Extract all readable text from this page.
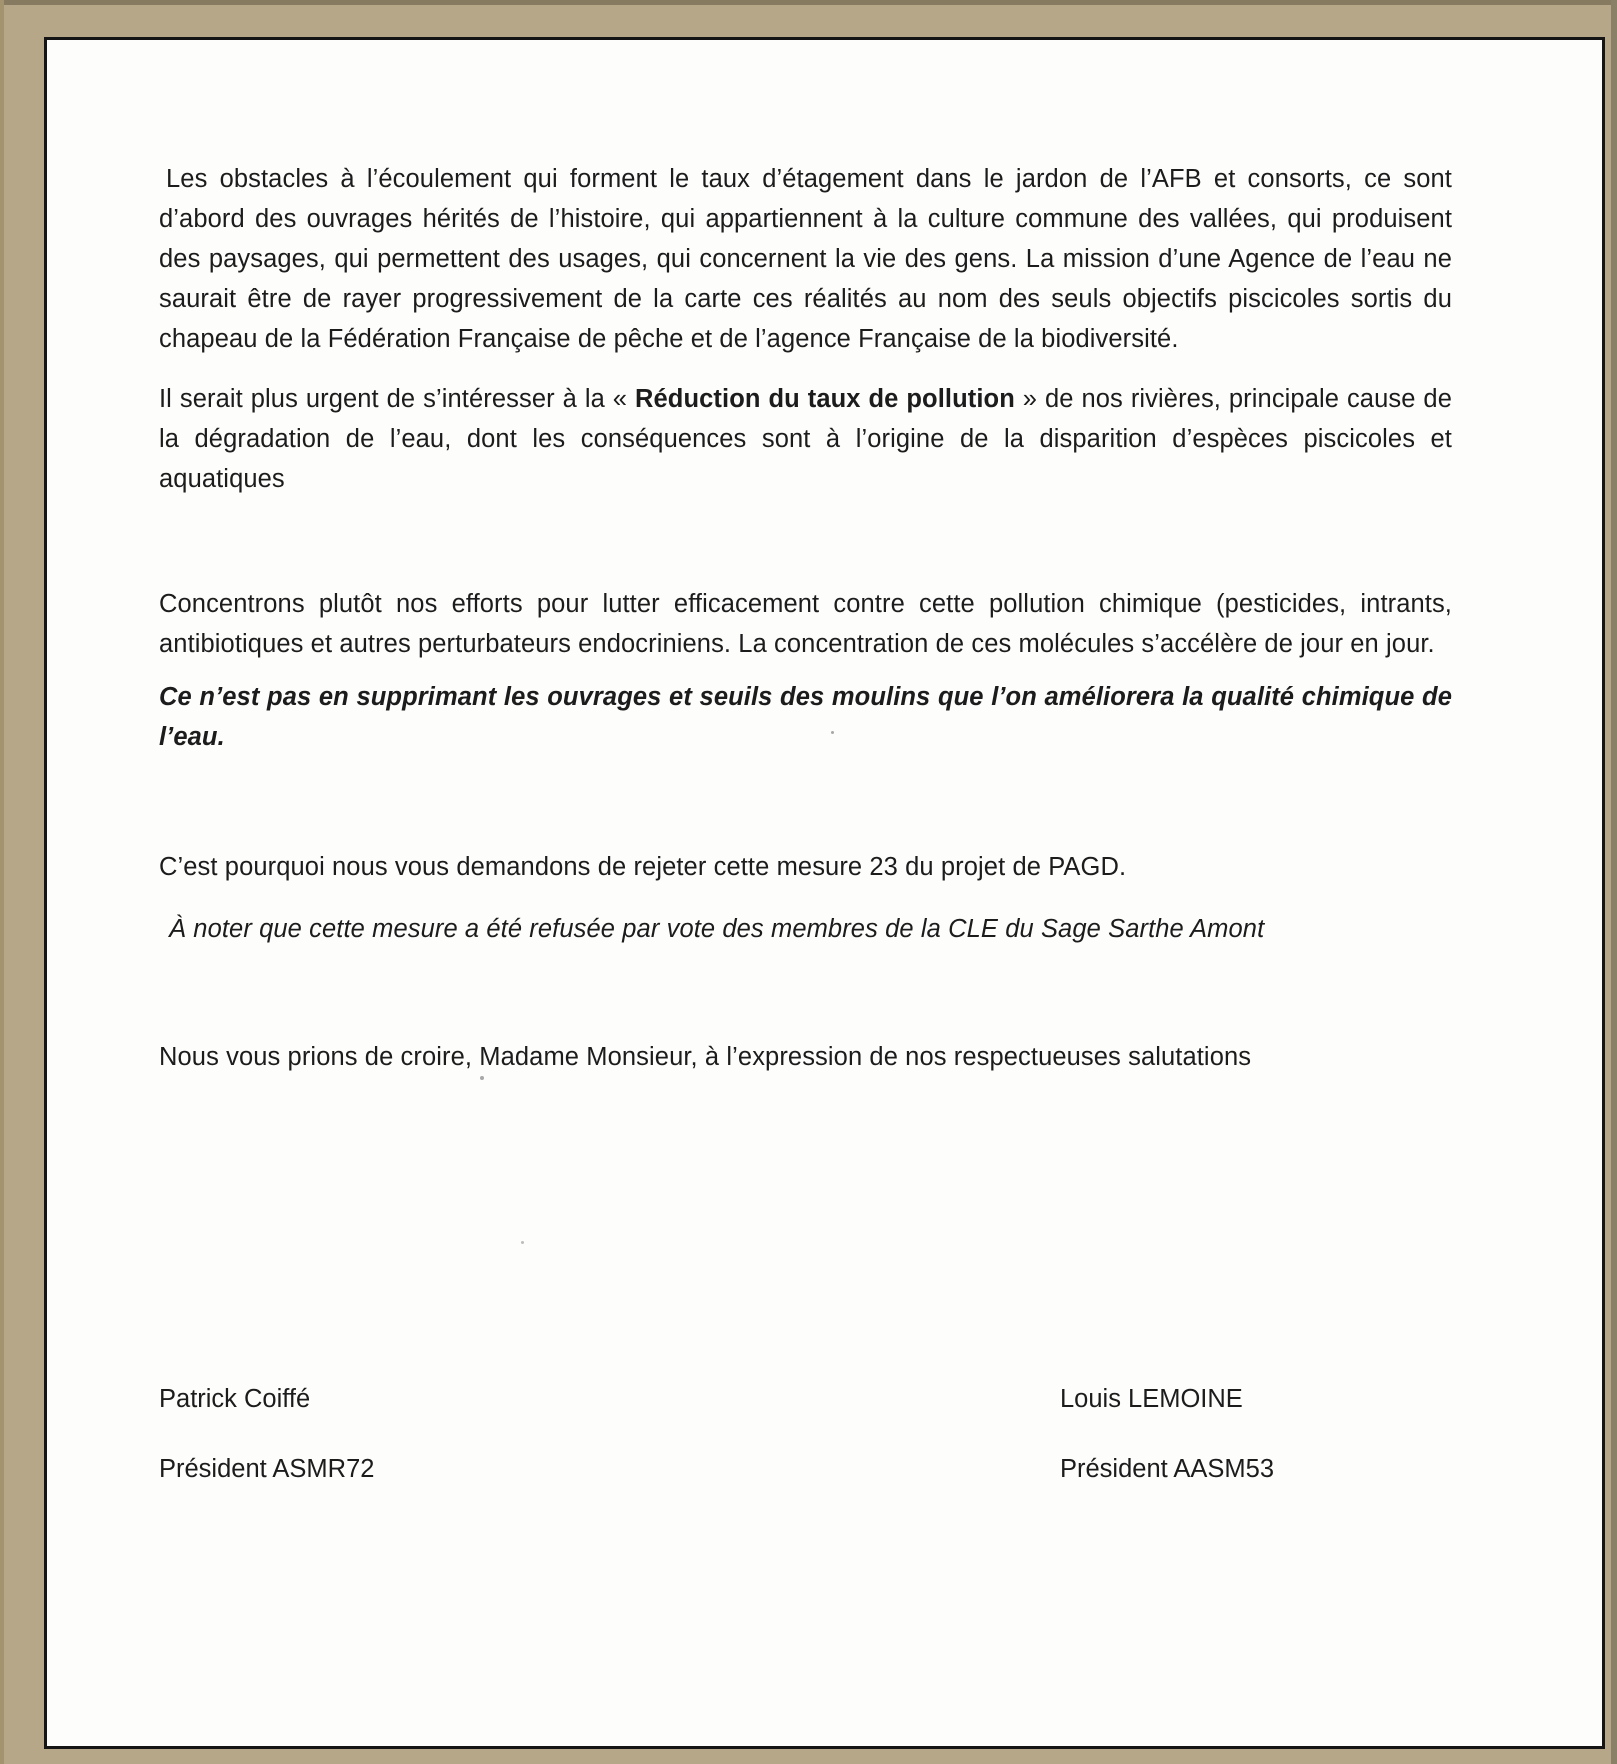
Les obstacles à l’écoulement qui forment le taux d’étagement dans le jardon de l’AFB et consorts, ce sont d’abord des ouvrages hérités de l’histoire, qui appartiennent à la culture commune des vallées, qui produisent des paysages, qui permettent des usages, qui concernent la vie des gens. La mission d’une Agence de l’eau ne saurait être de rayer progressivement de la carte ces réalités au nom des seuls objectifs piscicoles sortis du chapeau de la Fédération Française de pêche et de l’agence Française de la biodiversité.

Il serait plus urgent de s’intéresser à la « Réduction du taux de pollution » de nos rivières, principale cause de la dégradation de l’eau, dont les conséquences sont à l’origine de la disparition d’espèces piscicoles et aquatiques

Concentrons plutôt nos efforts pour lutter efficacement contre cette pollution chimique (pesticides, intrants, antibiotiques et autres perturbateurs endocriniens. La concentration de ces molécules s’accélère de jour en jour.

Ce n’est pas en supprimant les ouvrages et seuils des moulins que l’on améliorera la qualité chimique de l’eau.

C’est pourquoi nous vous demandons de rejeter cette mesure 23 du projet de PAGD.

À noter que cette mesure a été refusée par vote des membres de la CLE du Sage Sarthe Amont

Nous vous prions de croire, Madame Monsieur, à l’expression de nos respectueuses salutations

Patrick Coiffé	Louis LEMOINE
Président ASMR72	Président AASM53
